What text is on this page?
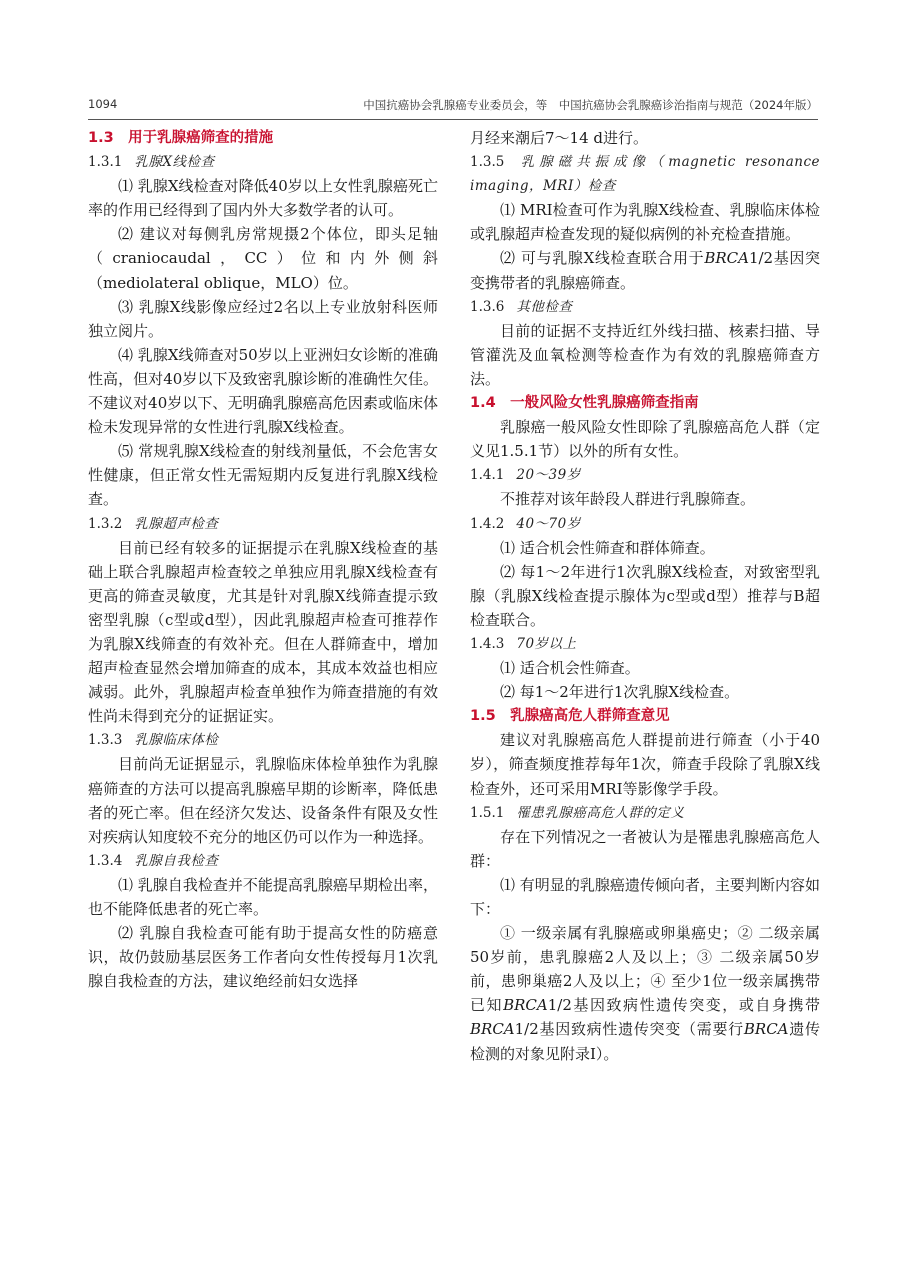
1094	中国抗癌协会乳腺癌专业委员会，等　中国抗癌协会乳腺癌诊治指南与规范（2024年版）

1.3　用于乳腺癌筛查的措施

1.3.1 乳腺X线检查

⑴ 乳腺X线检查对降低40岁以上女性乳腺癌死亡率的作用已经得到了国内外大多数学者的认可。

⑵ 建议对每侧乳房常规摄2个体位，即头足轴（craniocaudal，CC）位和内外侧斜（mediolateral oblique，MLO）位。

⑶ 乳腺X线影像应经过2名以上专业放射科医师独立阅片。

⑷ 乳腺X线筛查对50岁以上亚洲妇女诊断的准确性高，但对40岁以下及致密乳腺诊断的准确性欠佳。不建议对40岁以下、无明确乳腺癌高危因素或临床体检未发现异常的女性进行乳腺X线检查。

⑸ 常规乳腺X线检查的射线剂量低，不会危害女性健康，但正常女性无需短期内反复进行乳腺X线检查。

1.3.2 乳腺超声检查

目前已经有较多的证据提示在乳腺X线检查的基础上联合乳腺超声检查较之单独应用乳腺X线检查有更高的筛查灵敏度，尤其是针对乳腺X线筛查提示致密型乳腺（c型或d型），因此乳腺超声检查可推荐作为乳腺X线筛查的有效补充。但在人群筛查中，增加超声检查显然会增加筛查的成本，其成本效益也相应减弱。此外，乳腺超声检查单独作为筛查措施的有效性尚未得到充分的证据证实。

1.3.3 乳腺临床体检

目前尚无证据显示，乳腺临床体检单独作为乳腺癌筛查的方法可以提高乳腺癌早期的诊断率，降低患者的死亡率。但在经济欠发达、设备条件有限及女性对疾病认知度较不充分的地区仍可以作为一种选择。

1.3.4 乳腺自我检查

⑴ 乳腺自我检查并不能提高乳腺癌早期检出率，也不能降低患者的死亡率。

⑵ 乳腺自我检查可能有助于提高女性的防癌意识，故仍鼓励基层医务工作者向女性传授每月1次乳腺自我检查的方法，建议绝经前妇女选择

月经来潮后7～14 d进行。

1.3.5 乳腺磁共振成像（magnetic resonance imaging，MRI）检查

⑴ MRI检查可作为乳腺X线检查、乳腺临床体检或乳腺超声检查发现的疑似病例的补充检查措施。

⑵ 可与乳腺X线检查联合用于BRCA1/2基因突变携带者的乳腺癌筛查。

1.3.6 其他检查

目前的证据不支持近红外线扫描、核素扫描、导管灌洗及血氧检测等检查作为有效的乳腺癌筛查方法。

1.4　一般风险女性乳腺癌筛查指南

乳腺癌一般风险女性即除了乳腺癌高危人群（定义见1.5.1节）以外的所有女性。

1.4.1 20～39岁

不推荐对该年龄段人群进行乳腺筛查。

1.4.2 40～70岁

⑴ 适合机会性筛查和群体筛查。

⑵ 每1～2年进行1次乳腺X线检查，对致密型乳腺（乳腺X线检查提示腺体为c型或d型）推荐与B超检查联合。

1.4.3 70岁以上

⑴ 适合机会性筛查。

⑵ 每1～2年进行1次乳腺X线检查。

1.5　乳腺癌高危人群筛查意见

建议对乳腺癌高危人群提前进行筛查（小于40岁），筛查频度推荐每年1次，筛查手段除了乳腺X线检查外，还可采用MRI等影像学手段。

1.5.1 罹患乳腺癌高危人群的定义

存在下列情况之一者被认为是罹患乳腺癌高危人群：

⑴ 有明显的乳腺癌遗传倾向者，主要判断内容如下：

① 一级亲属有乳腺癌或卵巢癌史；② 二级亲属50岁前，患乳腺癌2人及以上；③ 二级亲属50岁前，患卵巢癌2人及以上；④ 至少1位一级亲属携带已知BRCA1/2基因致病性遗传突变，或自身携带BRCA1/2基因致病性遗传突变（需要行BRCA遗传检测的对象见附录Ⅰ）。
